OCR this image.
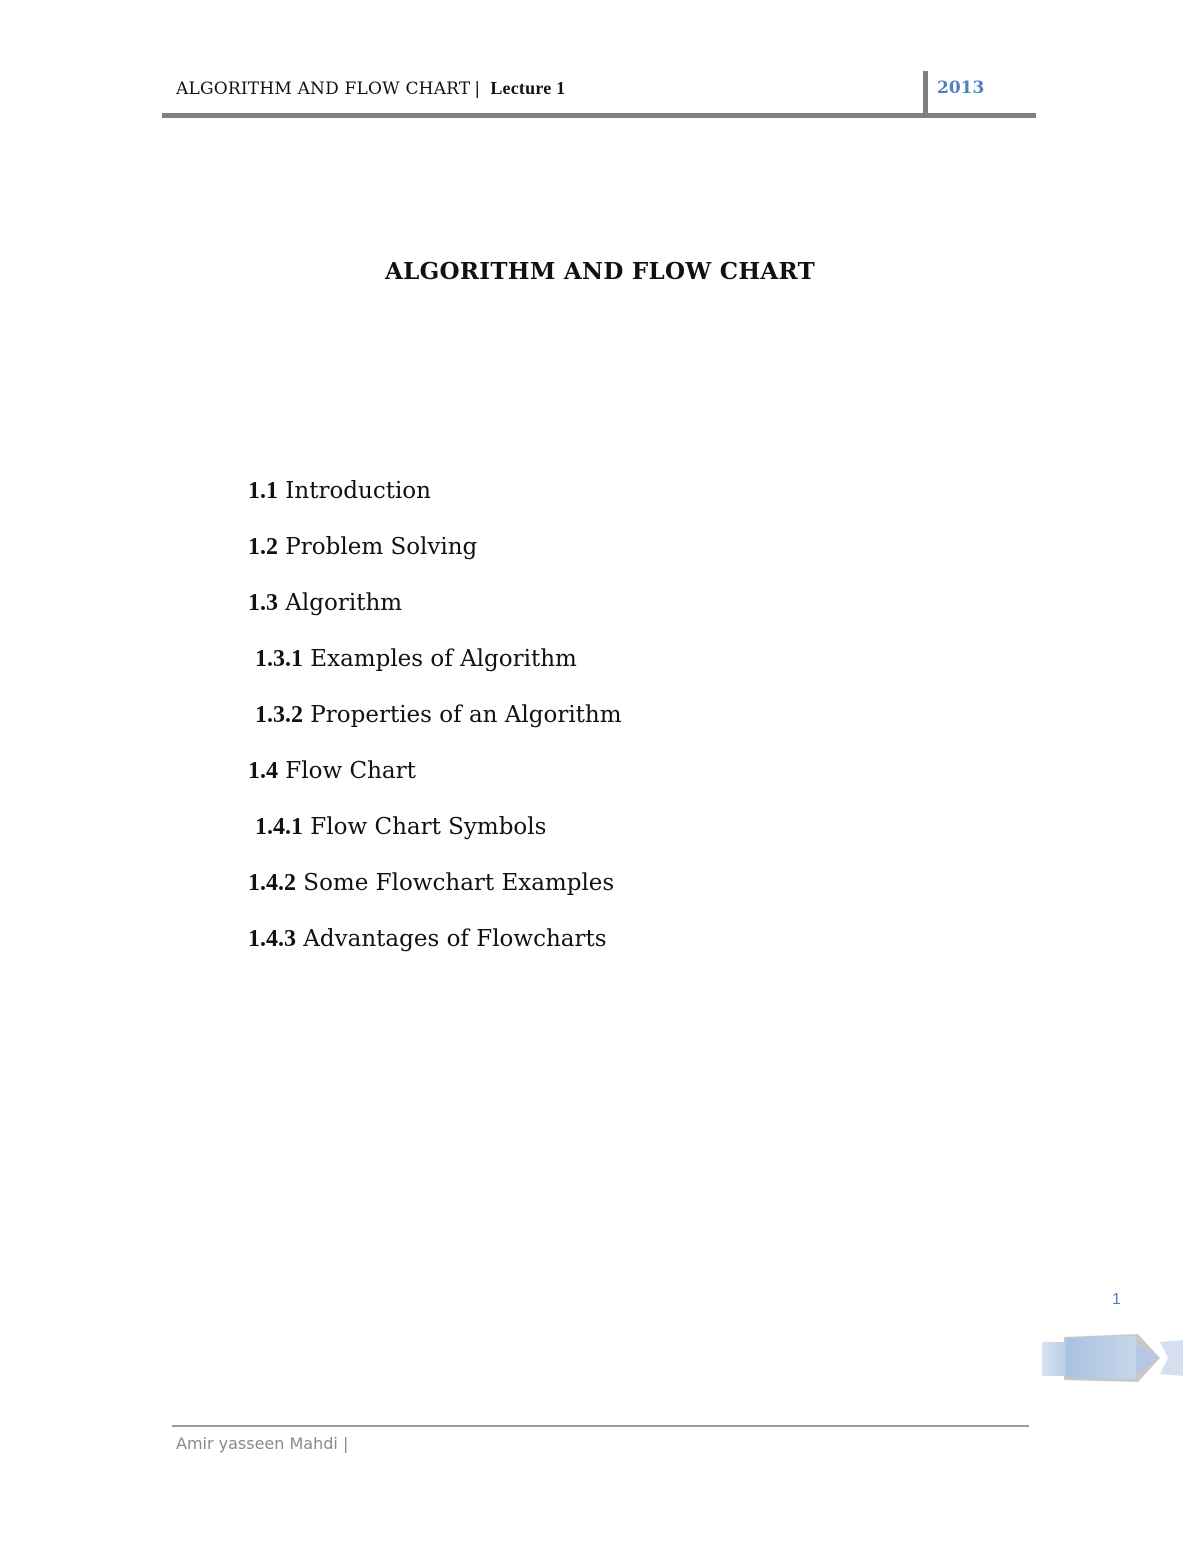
ALGORITHM AND FLOW CHART | Lecture 1	2013
ALGORITHM AND FLOW CHART
1.1 Introduction
1.2 Problem Solving
1.3 Algorithm
1.3.1 Examples of Algorithm
1.3.2 Properties of an Algorithm
1.4 Flow Chart
1.4.1 Flow Chart Symbols
1.4.2 Some Flowchart Examples
1.4.3 Advantages of Flowcharts
1
Amir yasseen Mahdi |
